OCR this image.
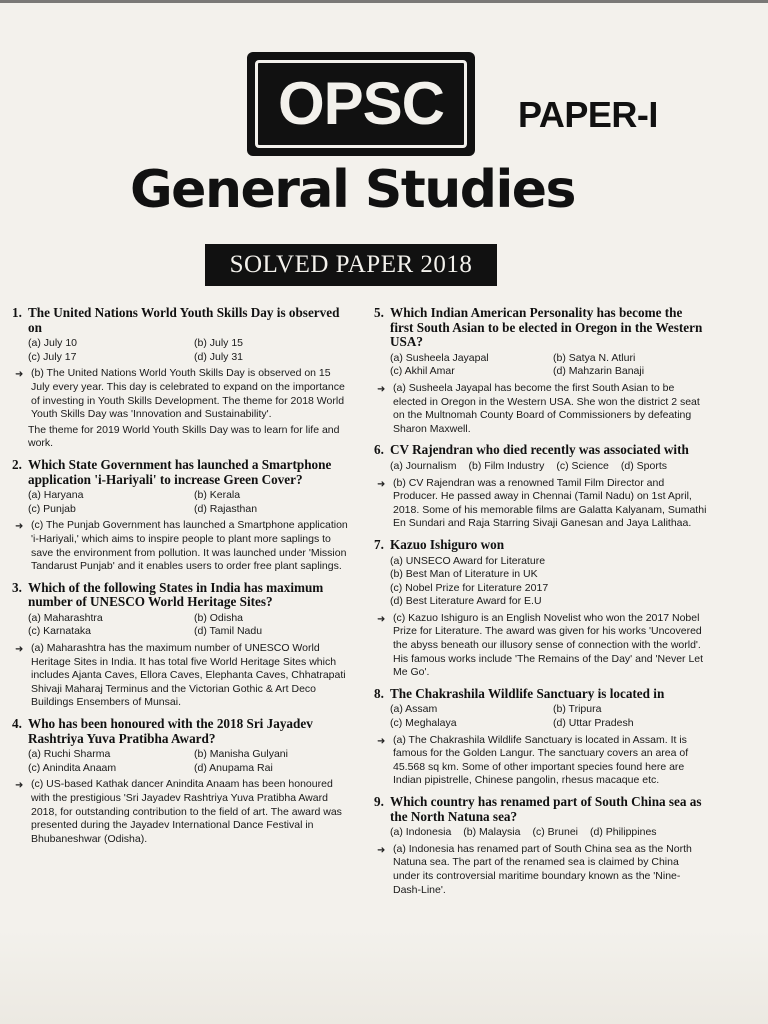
OPSC PAPER-I
General Studies
SOLVED PAPER 2018
1. The United Nations World Youth Skills Day is observed on
(a) July 10	(b) July 15
(c) July 17	(d) July 31
➜ (b) The United Nations World Youth Skills Day is observed on 15 July every year. This day is celebrated to expand on the importance of investing in Youth Skills Development. The theme for 2018 World Youth Skills Day was 'Innovation and Sustainability'.
The theme for 2019 World Youth Skills Day was to learn for life and work.
2. Which State Government has launched a Smartphone application 'i-Hariyali' to increase Green Cover?
(a) Haryana	(b) Kerala
(c) Punjab	(d) Rajasthan
➜ (c) The Punjab Government has launched a Smartphone application 'i-Hariyali,' which aims to inspire people to plant more saplings to save the environment from pollution. It was launched under 'Mission Tandarust Punjab' and it enables users to order free plant saplings.
3. Which of the following States in India has maximum number of UNESCO World Heritage Sites?
(a) Maharashtra	(b) Odisha
(c) Karnataka	(d) Tamil Nadu
➜ (a) Maharashtra has the maximum number of UNESCO World Heritage Sites in India. It has total five World Heritage Sites which includes Ajanta Caves, Ellora Caves, Elephanta Caves, Chhatrapati Shivaji Maharaj Terminus and the Victorian Gothic & Art Deco Buildings Ensembers of Munsai.
4. Who has been honoured with the 2018 Sri Jayadev Rashtriya Yuva Pratibha Award?
(a) Ruchi Sharma	(b) Manisha Gulyani
(c) Anindita Anaam	(d) Anupama Rai
➜ (c) US-based Kathak dancer Anindita Anaam has been honoured with the prestigious 'Sri Jayadev Rashtriya Yuva Pratibha Award 2018, for outstanding contribution to the field of art. The award was presented during the Jayadev International Dance Festival in Bhubaneshwar (Odisha).
5. Which Indian American Personality has become the first South Asian to be elected in Oregon in the Western USA?
(a) Susheela Jayapal	(b) Satya N. Atluri
(c) Akhil Amar	(d) Mahzarin Banaji
➜ (a) Susheela Jayapal has become the first South Asian to be elected in Oregon in the Western USA. She won the district 2 seat on the Multnomah County Board of Commissioners by defeating Sharon Maxwell.
6. CV Rajendran who died recently was associated with
(a) Journalism (b) Film Industry (c) Science (d) Sports
➜ (b) CV Rajendran was a renowned Tamil Film Director and Producer. He passed away in Chennai (Tamil Nadu) on 1st April, 2018. Some of his memorable films are Galatta Kalyanam, Sumathi En Sundari and Raja Starring Sivaji Ganesan and Jaya Lalithaa.
7. Kazuo Ishiguro won
(a) UNSECO Award for Literature
(b) Best Man of Literature in UK
(c) Nobel Prize for Literature 2017
(d) Best Literature Award for E.U
➜ (c) Kazuo Ishiguro is an English Novelist who won the 2017 Nobel Prize for Literature. The award was given for his works 'Uncovered the abyss beneath our illusory sense of connection with the world'. His famous works include 'The Remains of the Day' and 'Never Let Me Go'.
8. The Chakrashila Wildlife Sanctuary is located in
(a) Assam	(b) Tripura
(c) Meghalaya	(d) Uttar Pradesh
➜ (a) The Chakrashila Wildlife Sanctuary is located in Assam. It is famous for the Golden Langur. The sanctuary covers an area of 45.568 sq km. Some of other important species found here are Indian pipistrelle, Chinese pangolin, rhesus macaque etc.
9. Which country has renamed part of South China sea as the North Natuna sea?
(a) Indonesia (b) Malaysia (c) Brunei (d) Philippines
➜ (a) Indonesia has renamed part of South China sea as the North Natuna sea. The part of the renamed sea is claimed by China under its controversial maritime boundary known as the 'Nine-Dash-Line'.
